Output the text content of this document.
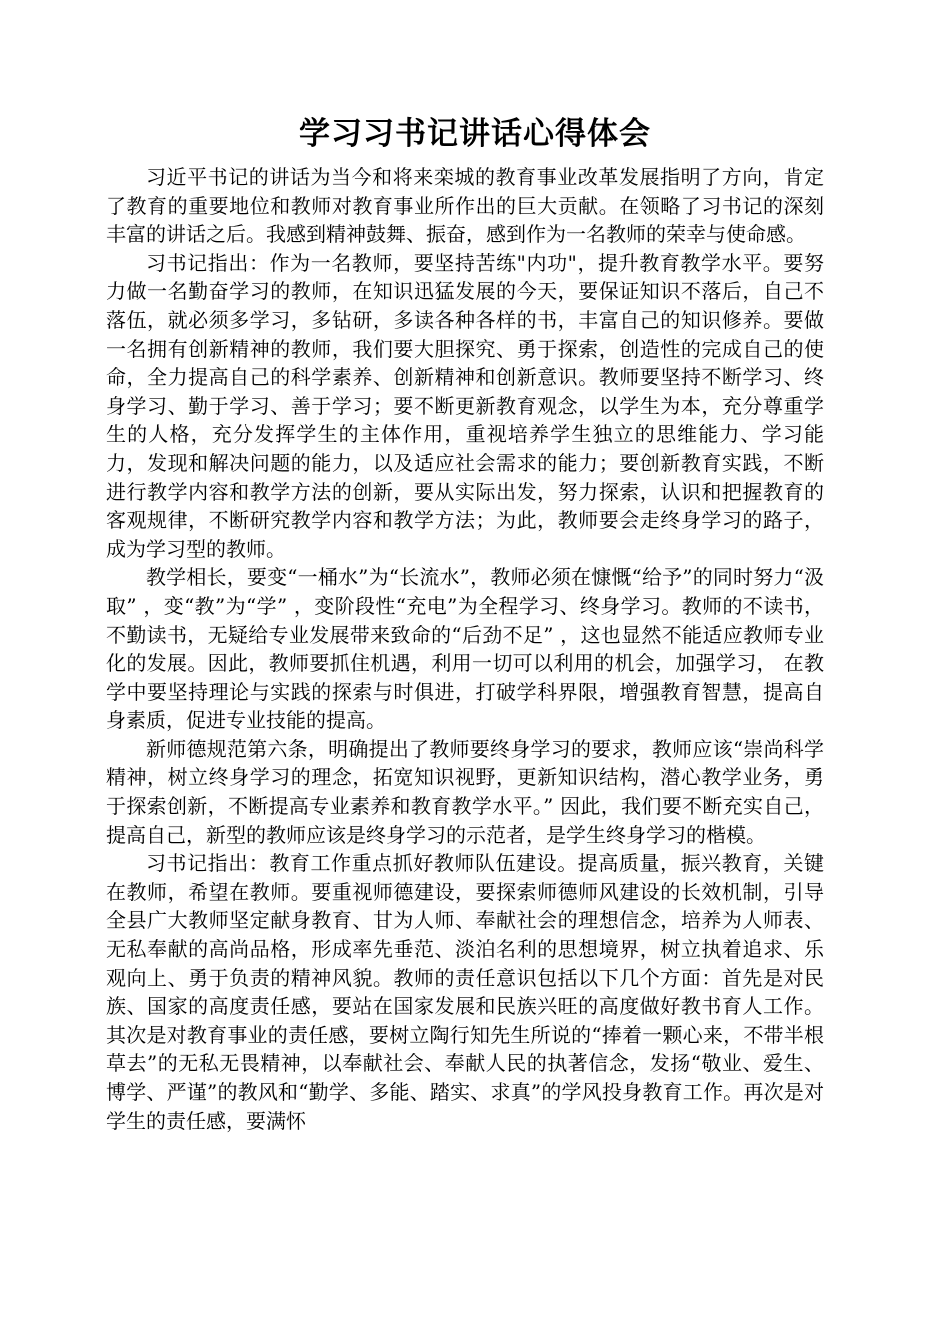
学习习书记讲话心得体会

习近平书记的讲话为当今和将来栾城的教育事业改革发展指明了方向，肯定了教育的重要地位和教师对教育事业所作出的巨大贡献。在领略了习书记的深刻丰富的讲话之后。我感到精神鼓舞、振奋，感到作为一名教师的荣幸与使命感。

习书记指出：作为一名教师，要坚持苦练"内功"，提升教育教学水平。要努力做一名勤奋学习的教师，在知识迅猛发展的今天，要保证知识不落后，自己不落伍，就必须多学习，多钻研，多读各种各样的书，丰富自己的知识修养。要做一名拥有创新精神的教师，我们要大胆探究、勇于探索，创造性的完成自己的使命，全力提高自己的科学素养、创新精神和创新意识。教师要坚持不断学习、终身学习、勤于学习、善于学习；要不断更新教育观念，以学生为本，充分尊重学生的人格，充分发挥学生的主体作用，重视培养学生独立的思维能力、学习能力，发现和解决问题的能力，以及适应社会需求的能力；要创新教育实践，不断进行教学内容和教学方法的创新，要从实际出发，努力探索，认识和把握教育的客观规律，不断研究教学内容和教学方法；为此，教师要会走终身学习的路子，成为学习型的教师。

教学相长，要变“一桶水”为“长流水”，教师必须在慷慨“给予”的同时努力“汲取” ，变“教”为“学” ，变阶段性“充电”为全程学习、终身学习。教师的不读书，不勤读书，无疑给专业发展带来致命的“后劲不足” ，这也显然不能适应教师专业化的发展。因此，教师要抓住机遇，利用一切可以利用的机会，加强学习， 在教学中要坚持理论与实践的探索与时俱进，打破学科界限，增强教育智慧，提高自身素质，促进专业技能的提高。

新师德规范第六条，明确提出了教师要终身学习的要求，教师应该“崇尚科学精神，树立终身学习的理念，拓宽知识视野，更新知识结构，潜心教学业务，勇于探索创新，不断提高专业素养和教育教学水平。” 因此，我们要不断充实自己，提高自己，新型的教师应该是终身学习的示范者，是学生终身学习的楷模。

习书记指出：教育工作重点抓好教师队伍建设。提高质量，振兴教育，关键在教师，希望在教师。要重视师德建设，要探索师德师风建设的长效机制，引导全县广大教师坚定献身教育、甘为人师、奉献社会的理想信念，培养为人师表、无私奉献的高尚品格，形成率先垂范、淡泊名利的思想境界，树立执着追求、乐观向上、勇于负责的精神风貌。教师的责任意识包括以下几个方面：首先是对民族、国家的高度责任感，要站在国家发展和民族兴旺的高度做好教书育人工作。其次是对教育事业的责任感，要树立陶行知先生所说的“捧着一颗心来，不带半根草去”的无私无畏精神，以奉献社会、奉献人民的执著信念，发扬“敬业、爱生、博学、严谨”的教风和“勤学、多能、踏实、求真”的学风投身教育工作。再次是对学生的责任感，要满怀
